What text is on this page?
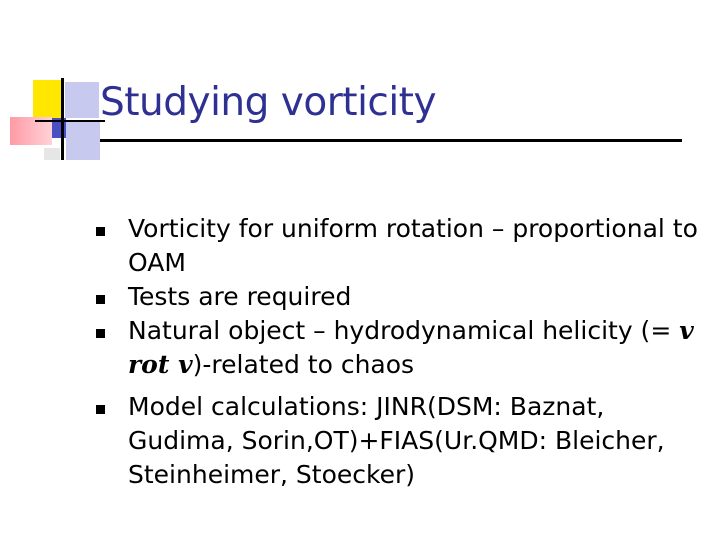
Studying vorticity
Vorticity for uniform rotation – proportional to OAM
Tests are required
Natural object – hydrodynamical helicity (= v rot v)-related to chaos
Model calculations: JINR(DSM: Baznat, Gudima, Sorin,OT)+FIAS(Ur.QMD: Bleicher, Steinheimer, Stoecker)
